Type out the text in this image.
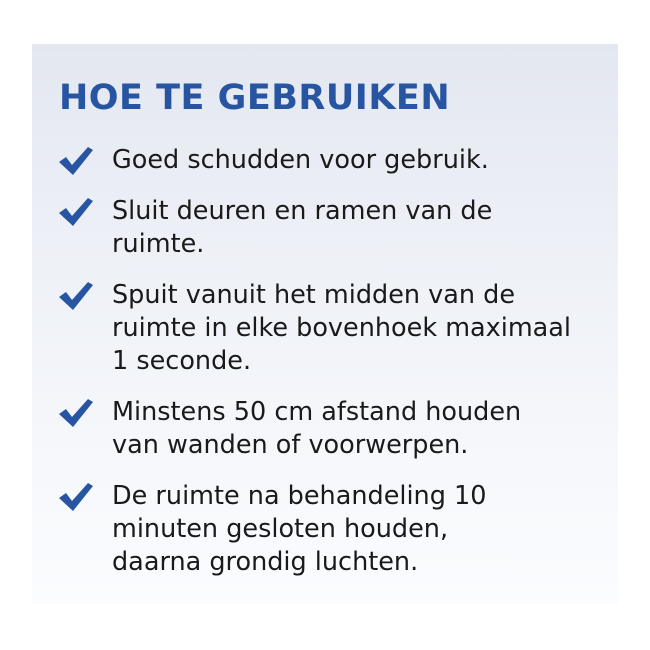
HOE TE GEBRUIKEN
Goed schudden voor gebruik.
Sluit deuren en ramen van de ruimte.
Spuit vanuit het midden van de ruimte in elke bovenhoek maximaal 1 seconde.
Minstens 50 cm afstand houden van wanden of voorwerpen.
De ruimte na behandeling 10 minuten gesloten houden, daarna grondig luchten.
